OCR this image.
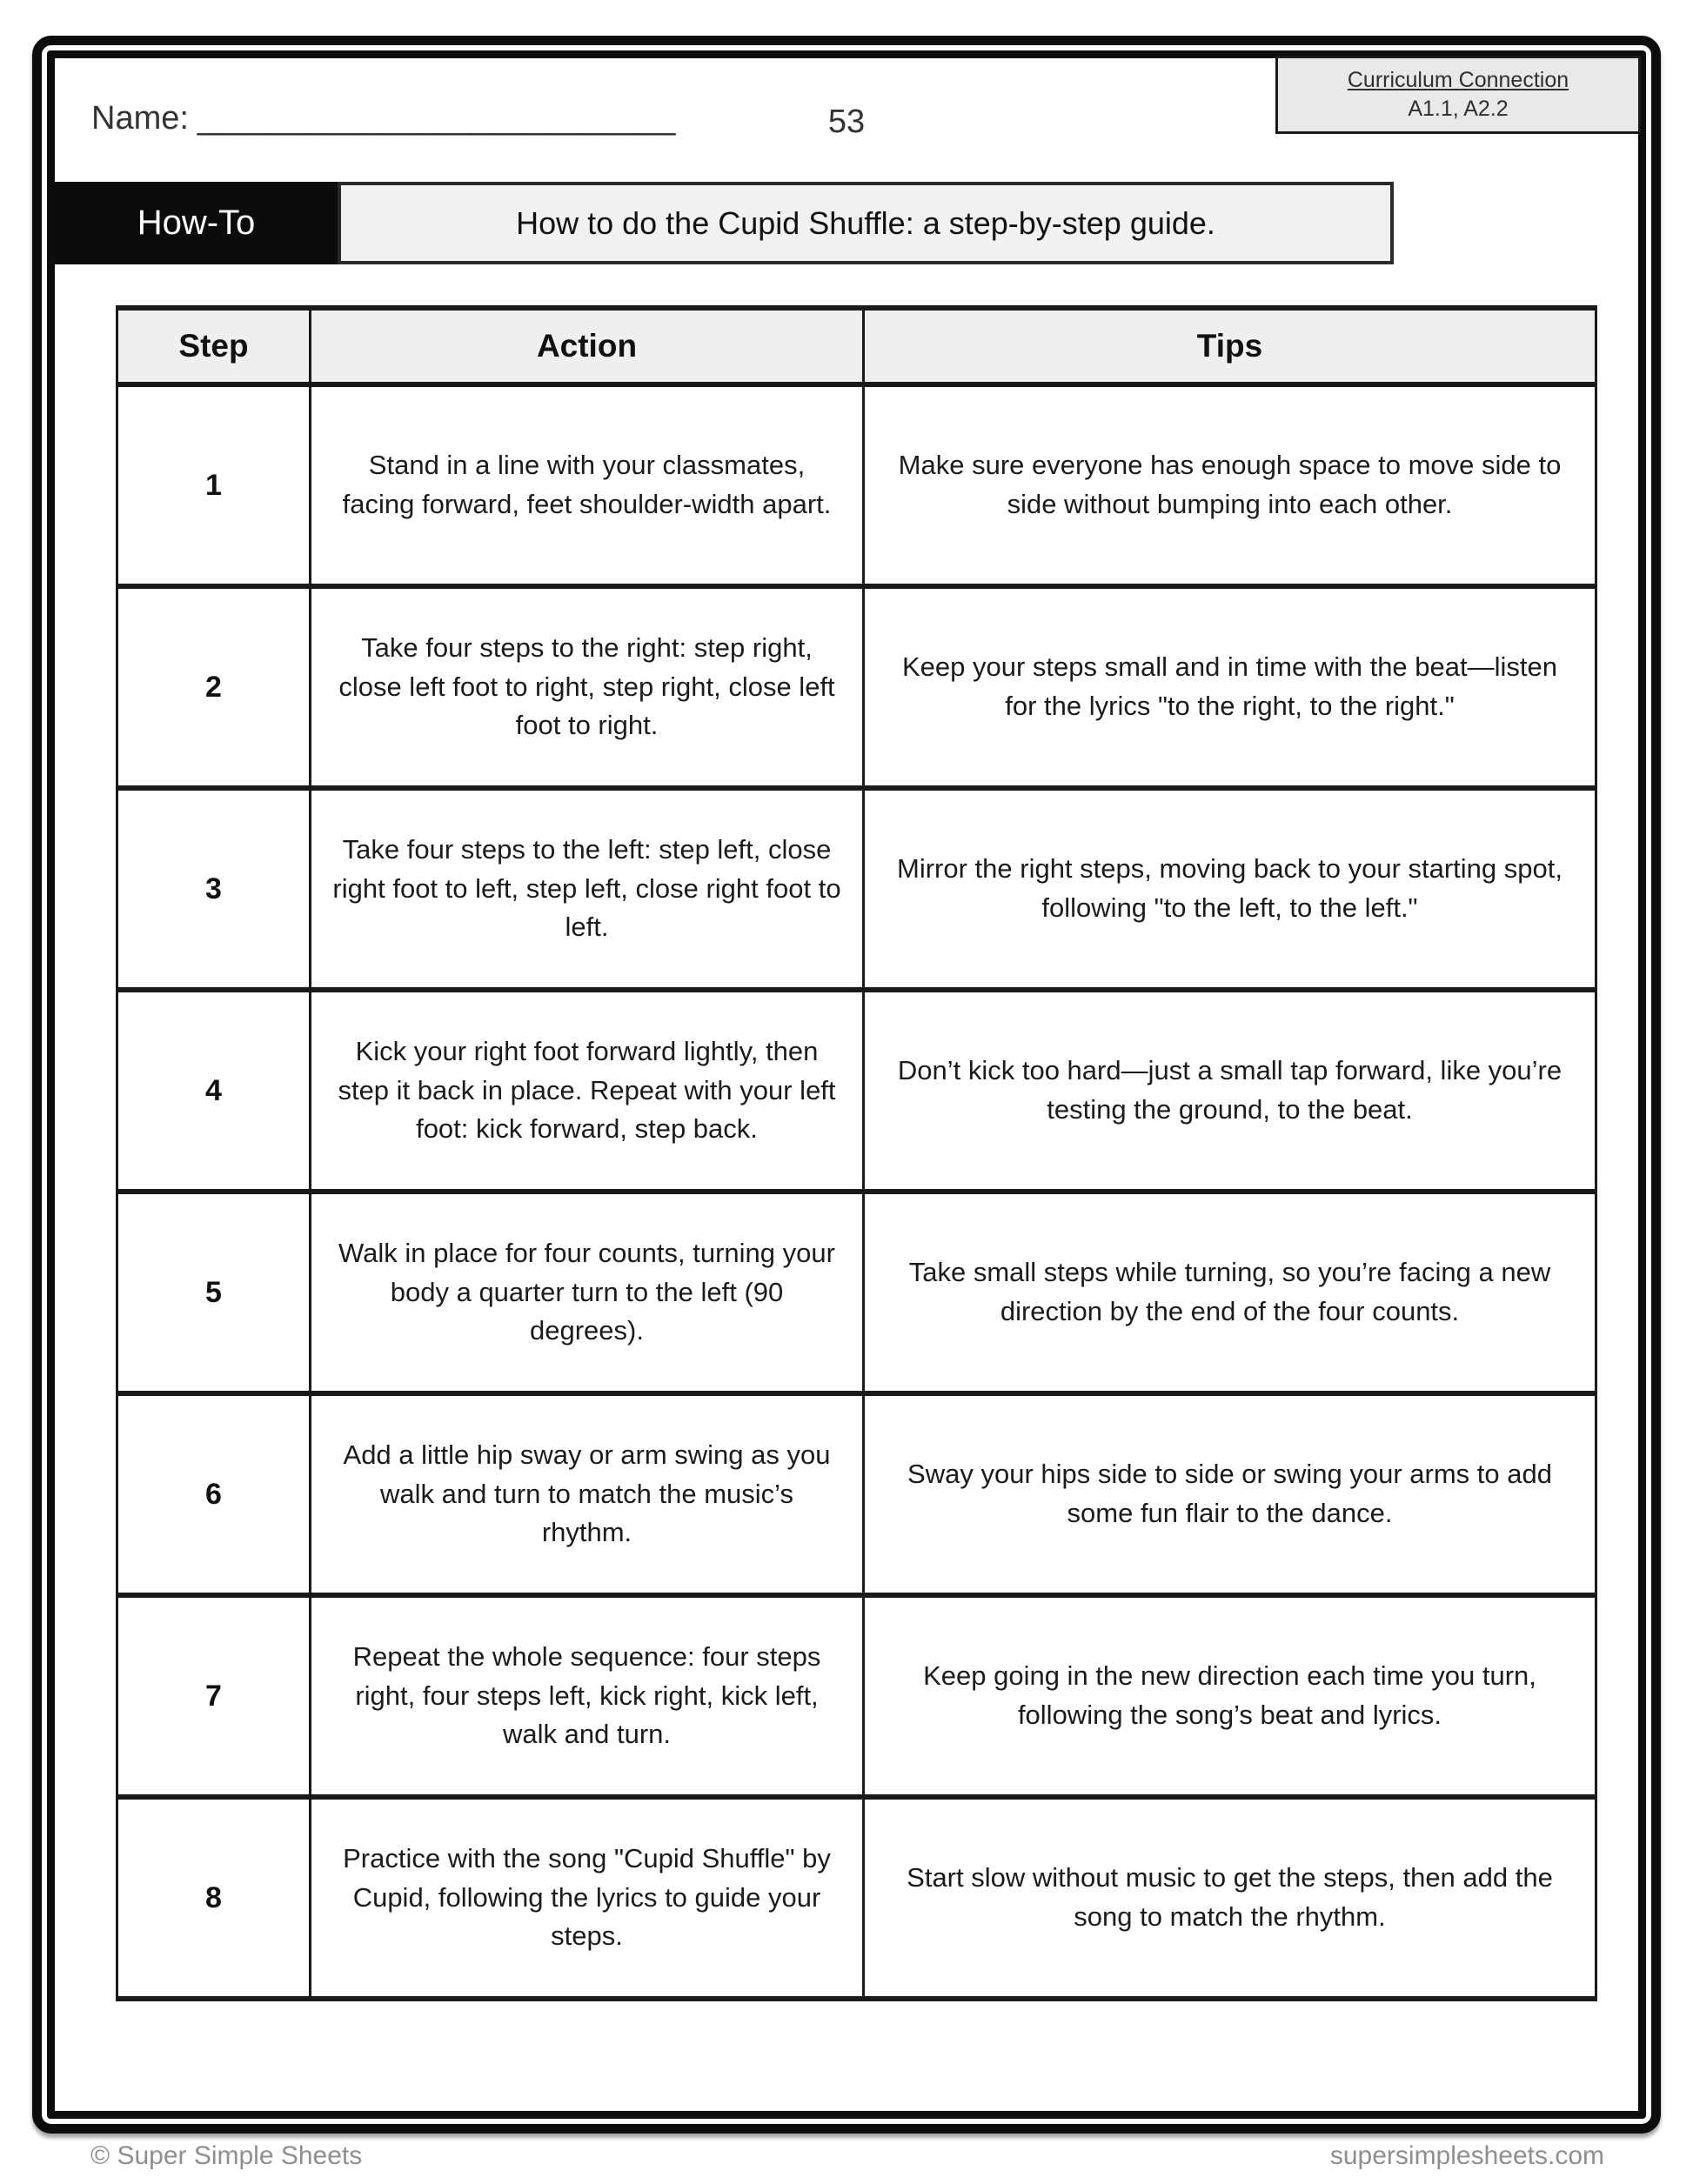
Name: __________________________	53
Curriculum Connection
A1.1, A2.2
How-To	How to do the Cupid Shuffle: a step-by-step guide.
Step	Action	Tips
1	Stand in a line with your classmates, facing forward, feet shoulder-width apart.	Make sure everyone has enough space to move side to side without bumping into each other.
2	Take four steps to the right: step right, close left foot to right, step right, close left foot to right.	Keep your steps small and in time with the beat—listen for the lyrics "to the right, to the right."
3	Take four steps to the left: step left, close right foot to left, step left, close right foot to left.	Mirror the right steps, moving back to your starting spot, following "to the left, to the left."
4	Kick your right foot forward lightly, then step it back in place. Repeat with your left foot: kick forward, step back.	Don’t kick too hard—just a small tap forward, like you’re testing the ground, to the beat.
5	Walk in place for four counts, turning your body a quarter turn to the left (90 degrees).	Take small steps while turning, so you’re facing a new direction by the end of the four counts.
6	Add a little hip sway or arm swing as you walk and turn to match the music’s rhythm.	Sway your hips side to side or swing your arms to add some fun flair to the dance.
7	Repeat the whole sequence: four steps right, four steps left, kick right, kick left, walk and turn.	Keep going in the new direction each time you turn, following the song’s beat and lyrics.
8	Practice with the song "Cupid Shuffle" by Cupid, following the lyrics to guide your steps.	Start slow without music to get the steps, then add the song to match the rhythm.
© Super Simple Sheets	supersimplesheets.com
